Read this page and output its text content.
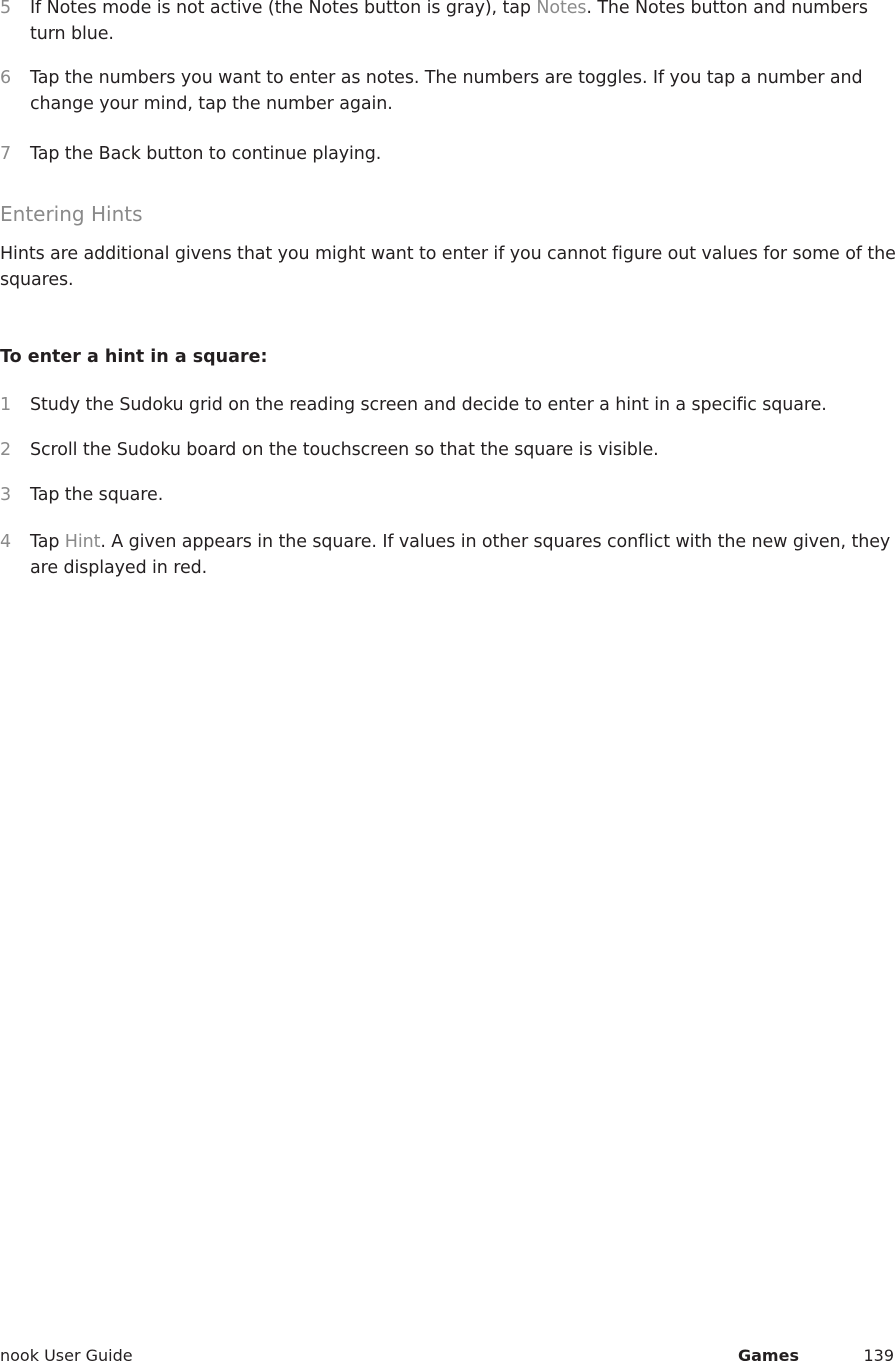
5 If Notes mode is not active (the Notes button is gray), tap Notes. The Notes button and numbers turn blue.
6 Tap the numbers you want to enter as notes. The numbers are toggles. If you tap a number and change your mind, tap the number again.
7 Tap the Back button to continue playing.
Entering Hints
Hints are additional givens that you might want to enter if you cannot figure out values for some of the squares.
To enter a hint in a square:
1 Study the Sudoku grid on the reading screen and decide to enter a hint in a specific square.
2 Scroll the Sudoku board on the touchscreen so that the square is visible.
3 Tap the square.
4 Tap Hint. A given appears in the square. If values in other squares conflict with the new given, they are displayed in red.
nook User Guide	Games	139
